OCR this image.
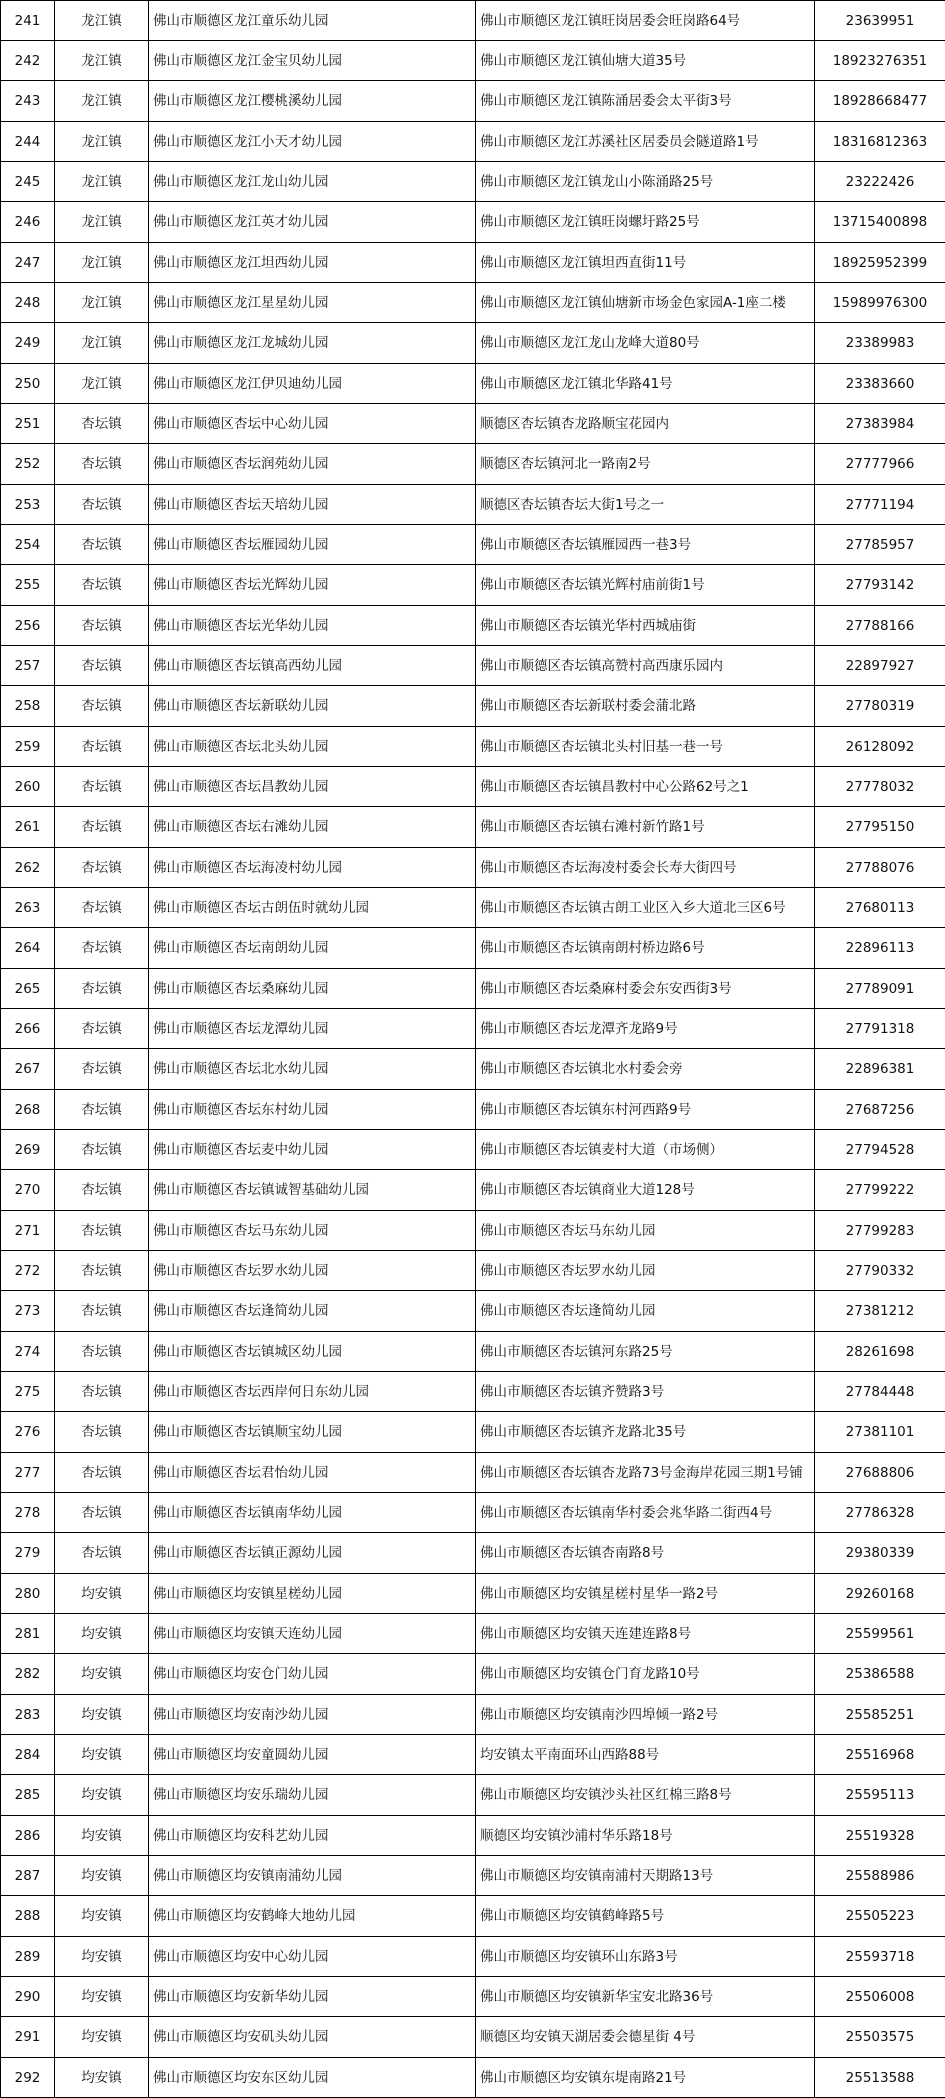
241	龙江镇	佛山市顺德区龙江童乐幼儿园	佛山市顺德区龙江镇旺岗居委会旺岗路64号	23639951
242	龙江镇	佛山市顺德区龙江金宝贝幼儿园	佛山市顺德区龙江镇仙塘大道35号	18923276351
243	龙江镇	佛山市顺德区龙江樱桃溪幼儿园	佛山市顺德区龙江镇陈涌居委会太平街3号	18928668477
244	龙江镇	佛山市顺德区龙江小天才幼儿园	佛山市顺德区龙江苏溪社区居委员会隧道路1号	18316812363
245	龙江镇	佛山市顺德区龙江龙山幼儿园	佛山市顺德区龙江镇龙山小陈涌路25号	23222426
246	龙江镇	佛山市顺德区龙江英才幼儿园	佛山市顺德区龙江镇旺岗螺圩路25号	13715400898
247	龙江镇	佛山市顺德区龙江坦西幼儿园	佛山市顺德区龙江镇坦西直街11号	18925952399
248	龙江镇	佛山市顺德区龙江星星幼儿园	佛山市顺德区龙江镇仙塘新市场金色家园A-1座二楼	15989976300
249	龙江镇	佛山市顺德区龙江龙城幼儿园	佛山市顺德区龙江龙山龙峰大道80号	23389983
250	龙江镇	佛山市顺德区龙江伊贝迪幼儿园	佛山市顺德区龙江镇北华路41号	23383660
251	杏坛镇	佛山市顺德区杏坛中心幼儿园	顺德区杏坛镇杏龙路顺宝花园内	27383984
252	杏坛镇	佛山市顺德区杏坛润苑幼儿园	顺德区杏坛镇河北一路南2号	27777966
253	杏坛镇	佛山市顺德区杏坛天培幼儿园	顺德区杏坛镇杏坛大街1号之一	27771194
254	杏坛镇	佛山市顺德区杏坛雁园幼儿园	佛山市顺德区杏坛镇雁园西一巷3号	27785957
255	杏坛镇	佛山市顺德区杏坛光辉幼儿园	佛山市顺德区杏坛镇光辉村庙前街1号	27793142
256	杏坛镇	佛山市顺德区杏坛光华幼儿园	佛山市顺德区杏坛镇光华村西城庙街	27788166
257	杏坛镇	佛山市顺德区杏坛镇高西幼儿园	佛山市顺德区杏坛镇高赞村高西康乐园内	22897927
258	杏坛镇	佛山市顺德区杏坛新联幼儿园	佛山市顺德区杏坛新联村委会蒲北路	27780319
259	杏坛镇	佛山市顺德区杏坛北头幼儿园	佛山市顺德区杏坛镇北头村旧基一巷一号	26128092
260	杏坛镇	佛山市顺德区杏坛昌教幼儿园	佛山市顺德区杏坛镇昌教村中心公路62号之1	27778032
261	杏坛镇	佛山市顺德区杏坛右滩幼儿园	佛山市顺德区杏坛镇右滩村新竹路1号	27795150
262	杏坛镇	佛山市顺德区杏坛海凌村幼儿园	佛山市顺德区杏坛海凌村委会长寿大街四号	27788076
263	杏坛镇	佛山市顺德区杏坛古朗伍时就幼儿园	佛山市顺德区杏坛镇古朗工业区入乡大道北三区6号	27680113
264	杏坛镇	佛山市顺德区杏坛南朗幼儿园	佛山市顺德区杏坛镇南朗村桥边路6号	22896113
265	杏坛镇	佛山市顺德区杏坛桑麻幼儿园	佛山市顺德区杏坛桑麻村委会东安西街3号	27789091
266	杏坛镇	佛山市顺德区杏坛龙潭幼儿园	佛山市顺德区杏坛龙潭齐龙路9号	27791318
267	杏坛镇	佛山市顺德区杏坛北水幼儿园	佛山市顺德区杏坛镇北水村委会旁	22896381
268	杏坛镇	佛山市顺德区杏坛东村幼儿园	佛山市顺德区杏坛镇东村河西路9号	27687256
269	杏坛镇	佛山市顺德区杏坛麦中幼儿园	佛山市顺德区杏坛镇麦村大道（市场侧）	27794528
270	杏坛镇	佛山市顺德区杏坛镇诚智基础幼儿园	佛山市顺德区杏坛镇商业大道128号	27799222
271	杏坛镇	佛山市顺德区杏坛马东幼儿园	佛山市顺德区杏坛马东幼儿园	27799283
272	杏坛镇	佛山市顺德区杏坛罗水幼儿园	佛山市顺德区杏坛罗水幼儿园	27790332
273	杏坛镇	佛山市顺德区杏坛逢简幼儿园	佛山市顺德区杏坛逢简幼儿园	27381212
274	杏坛镇	佛山市顺德区杏坛镇城区幼儿园	佛山市顺德区杏坛镇河东路25号	28261698
275	杏坛镇	佛山市顺德区杏坛西岸何日东幼儿园	佛山市顺德区杏坛镇齐赞路3号	27784448
276	杏坛镇	佛山市顺德区杏坛镇顺宝幼儿园	佛山市顺德区杏坛镇齐龙路北35号	27381101
277	杏坛镇	佛山市顺德区杏坛君怡幼儿园	佛山市顺德区杏坛镇杏龙路73号金海岸花园三期1号铺	27688806
278	杏坛镇	佛山市顺德区杏坛镇南华幼儿园	佛山市顺德区杏坛镇南华村委会兆华路二街西4号	27786328
279	杏坛镇	佛山市顺德区杏坛镇正源幼儿园	佛山市顺德区杏坛镇杏南路8号	29380339
280	均安镇	佛山市顺德区均安镇星槎幼儿园	佛山市顺德区均安镇星槎村星华一路2号	29260168
281	均安镇	佛山市顺德区均安镇天连幼儿园	佛山市顺德区均安镇天连建连路8号	25599561
282	均安镇	佛山市顺德区均安仓门幼儿园	佛山市顺德区均安镇仓门育龙路10号	25386588
283	均安镇	佛山市顺德区均安南沙幼儿园	佛山市顺德区均安镇南沙四埠倾一路2号	25585251
284	均安镇	佛山市顺德区均安童圆幼儿园	均安镇太平南面环山西路88号	25516968
285	均安镇	佛山市顺德区均安乐瑞幼儿园	佛山市顺德区均安镇沙头社区红棉三路8号	25595113
286	均安镇	佛山市顺德区均安科艺幼儿园	顺德区均安镇沙浦村华乐路18号	25519328
287	均安镇	佛山市顺德区均安镇南浦幼儿园	佛山市顺德区均安镇南浦村天期路13号	25588986
288	均安镇	佛山市顺德区均安鹤峰大地幼儿园	佛山市顺德区均安镇鹤峰路5号	25505223
289	均安镇	佛山市顺德区均安中心幼儿园	佛山市顺德区均安镇环山东路3号	25593718
290	均安镇	佛山市顺德区均安新华幼儿园	佛山市顺德区均安镇新华宝安北路36号	25506008
291	均安镇	佛山市顺德区均安矶头幼儿园	顺德区均安镇天湖居委会德星街 4号	25503575
292	均安镇	佛山市顺德区均安东区幼儿园	佛山市顺德区均安镇东堤南路21号	25513588
